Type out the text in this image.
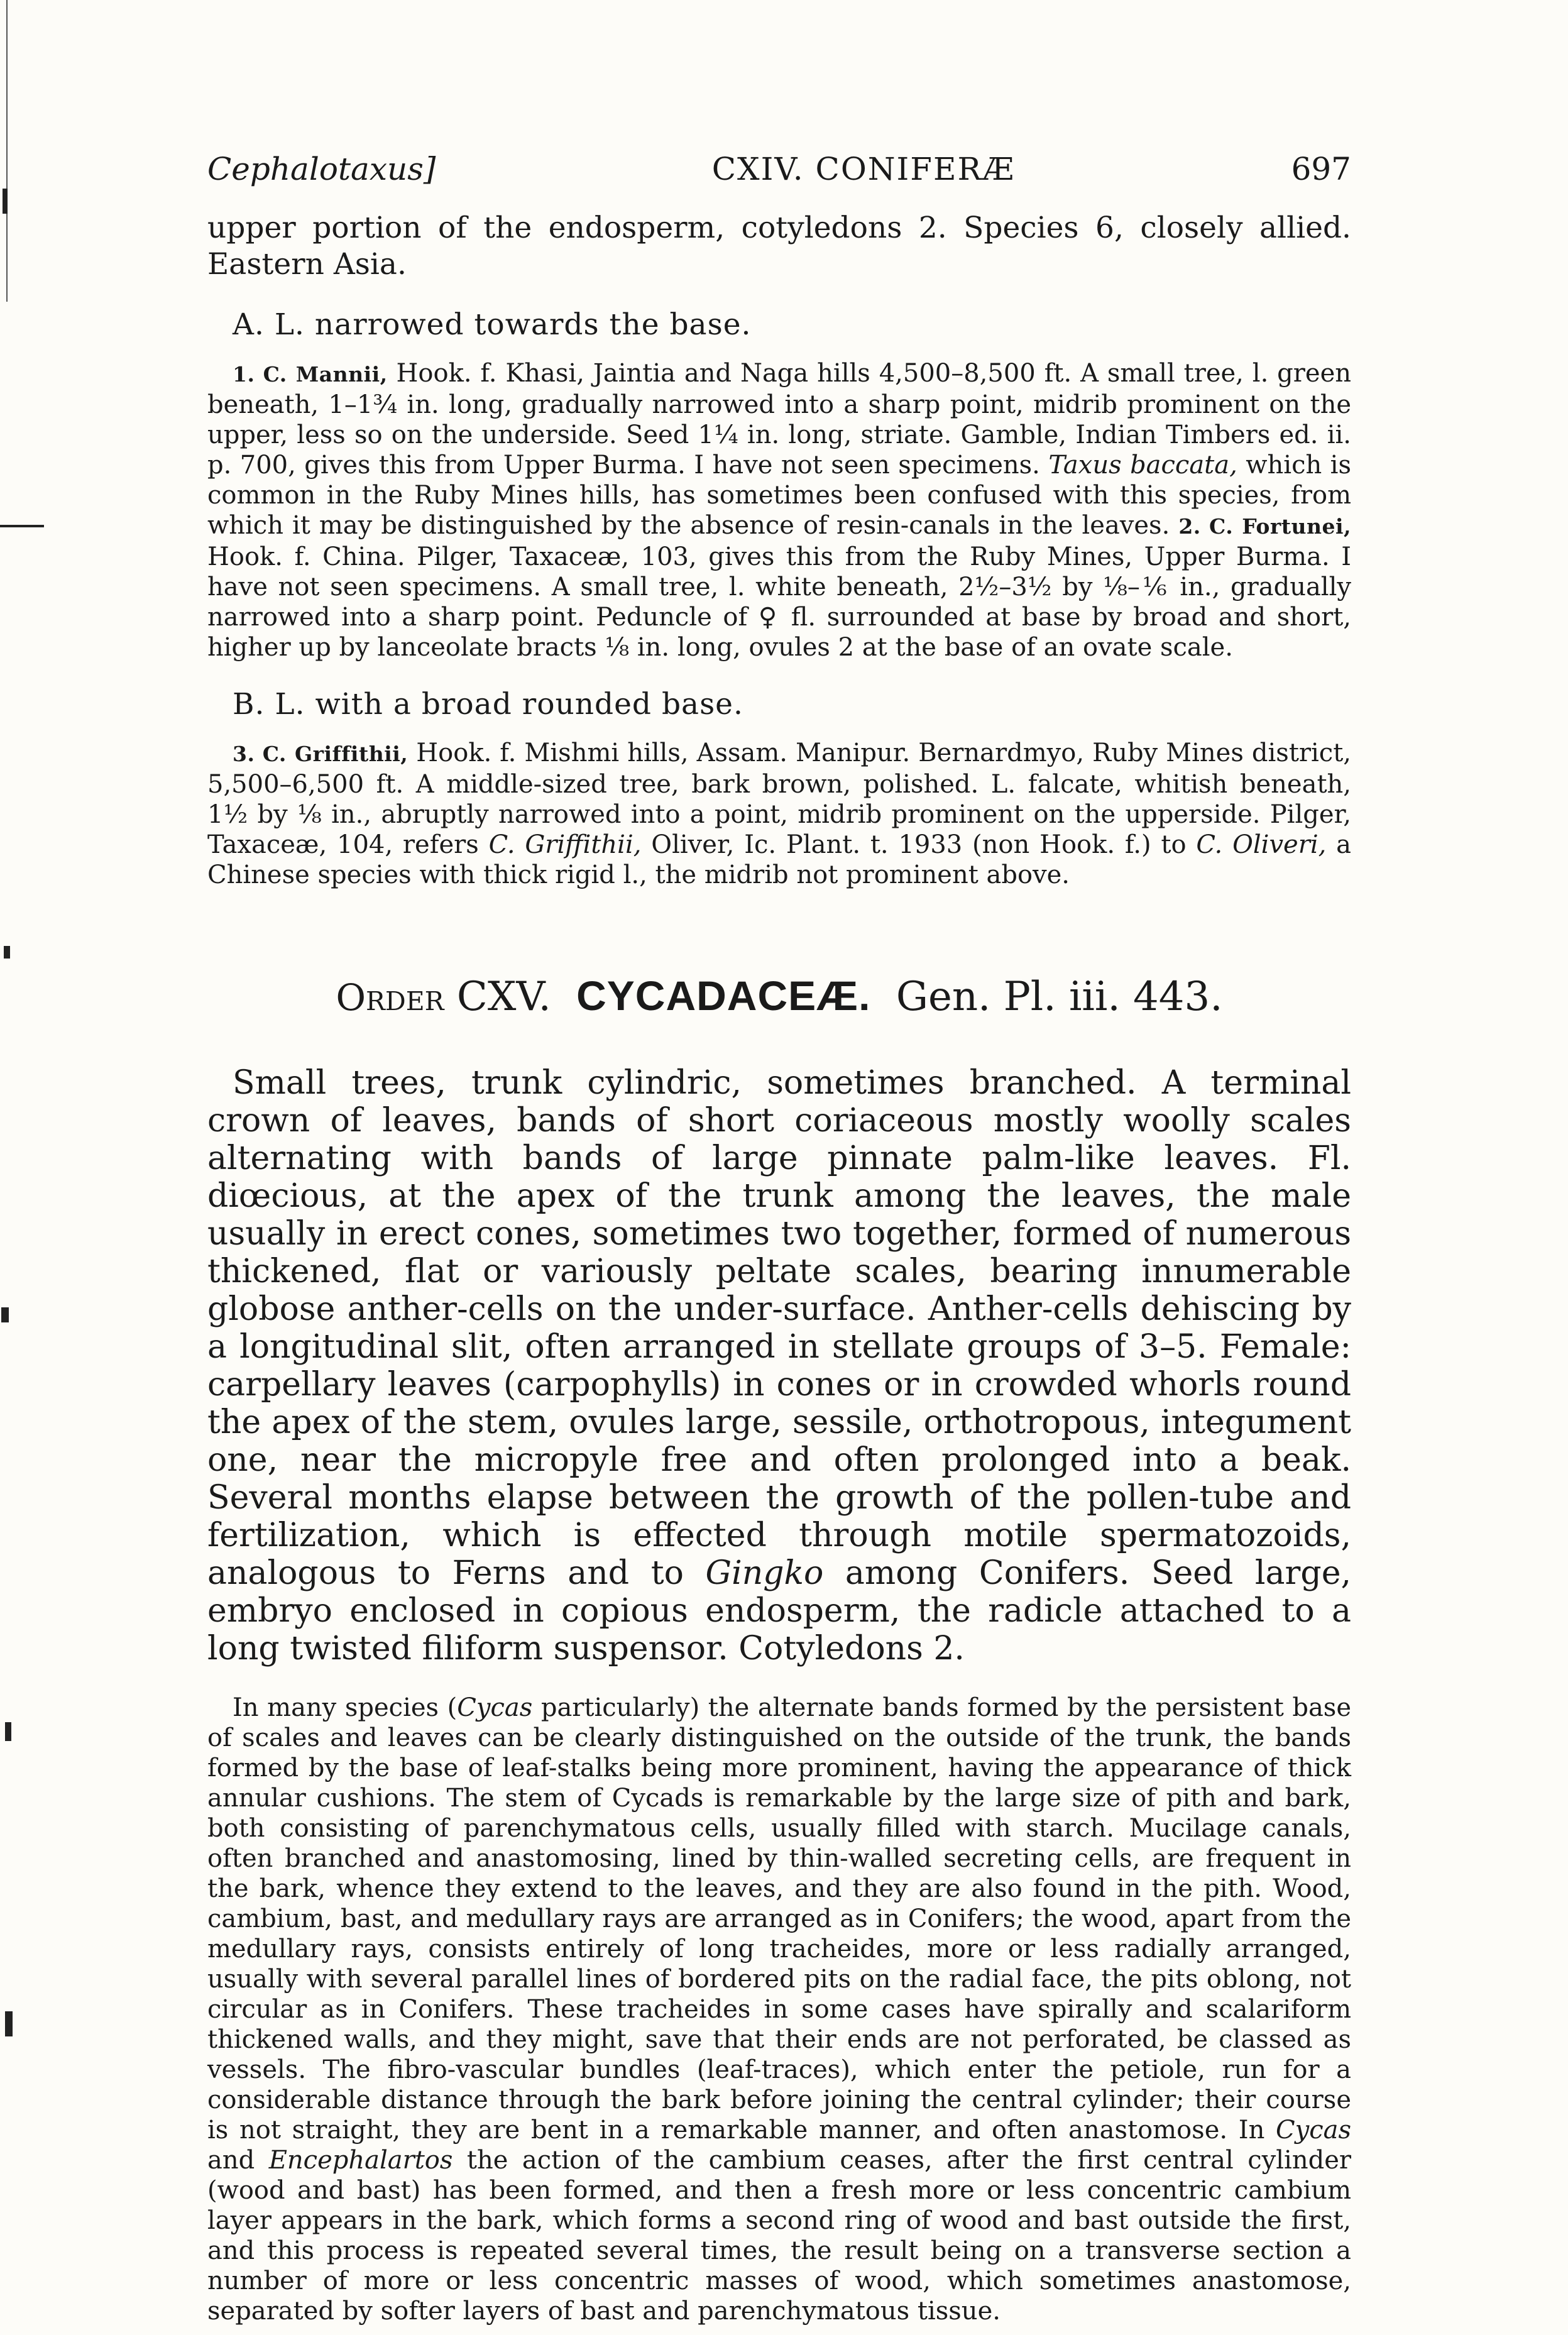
Cephalotaxus]	CXIV. CONIFERÆ	697

upper portion of the endosperm, cotyledons 2. Species 6, closely allied. Eastern Asia.

A. L. narrowed towards the base.

1. C. Mannii, Hook. f. Khasi, Jaintia and Naga hills 4,500–8,500 ft. A small tree, l. green beneath, 1–1¾ in. long, gradually narrowed into a sharp point, midrib prominent on the upper, less so on the underside. Seed 1¼ in. long, striate. Gamble, Indian Timbers ed. ii. p. 700, gives this from Upper Burma. I have not seen specimens. Taxus baccata, which is common in the Ruby Mines hills, has sometimes been confused with this species, from which it may be distinguished by the absence of resin-canals in the leaves. 2. C. Fortunei, Hook. f. China. Pilger, Taxaceæ, 103, gives this from the Ruby Mines, Upper Burma. I have not seen specimens. A small tree, l. white beneath, 2½–3½ by ⅛–⅙ in., gradually narrowed into a sharp point. Peduncle of ♀ fl. surrounded at base by broad and short, higher up by lanceolate bracts ⅛ in. long, ovules 2 at the base of an ovate scale.

B. L. with a broad rounded base.

3. C. Griffithii, Hook. f. Mishmi hills, Assam. Manipur. Bernardmyo, Ruby Mines district, 5,500–6,500 ft. A middle-sized tree, bark brown, polished. L. falcate, whitish beneath, 1½ by ⅛ in., abruptly narrowed into a point, midrib prominent on the upperside. Pilger, Taxaceæ, 104, refers C. Griffithii, Oliver, Ic. Plant. t. 1933 (non Hook. f.) to C. Oliveri, a Chinese species with thick rigid l., the midrib not prominent above.

Order CXV. CYCADACEÆ. Gen. Pl. iii. 443.

Small trees, trunk cylindric, sometimes branched. A terminal crown of leaves, bands of short coriaceous mostly woolly scales alternating with bands of large pinnate palm-like leaves. Fl. diœcious, at the apex of the trunk among the leaves, the male usually in erect cones, sometimes two together, formed of numerous thickened, flat or variously peltate scales, bearing innumerable globose anther-cells on the under-surface. Anther-cells dehiscing by a longitudinal slit, often arranged in stellate groups of 3–5. Female: carpellary leaves (carpophylls) in cones or in crowded whorls round the apex of the stem, ovules large, sessile, orthotropous, integument one, near the micropyle free and often prolonged into a beak. Several months elapse between the growth of the pollen-tube and fertilization, which is effected through motile spermatozoids, analogous to Ferns and to Gingko among Conifers. Seed large, embryo enclosed in copious endosperm, the radicle attached to a long twisted filiform suspensor. Cotyledons 2.

In many species (Cycas particularly) the alternate bands formed by the persistent base of scales and leaves can be clearly distinguished on the outside of the trunk, the bands formed by the base of leaf-stalks being more prominent, having the appearance of thick annular cushions. The stem of Cycads is remarkable by the large size of pith and bark, both consisting of parenchymatous cells, usually filled with starch. Mucilage canals, often branched and anastomosing, lined by thin-walled secreting cells, are frequent in the bark, whence they extend to the leaves, and they are also found in the pith. Wood, cambium, bast, and medullary rays are arranged as in Conifers; the wood, apart from the medullary rays, consists entirely of long tracheides, more or less radially arranged, usually with several parallel lines of bordered pits on the radial face, the pits oblong, not circular as in Conifers. These tracheides in some cases have spirally and scalariform thickened walls, and they might, save that their ends are not perforated, be classed as vessels. The fibro-vascular bundles (leaf-traces), which enter the petiole, run for a considerable distance through the bark before joining the central cylinder; their course is not straight, they are bent in a remarkable manner, and often anastomose. In Cycas and Encephalartos the action of the cambium ceases, after the first central cylinder (wood and bast) has been formed, and then a fresh more or less concentric cambium layer appears in the bark, which forms a second ring of wood and bast outside the first, and this process is repeated several times, the result being on a transverse section a number of more or less concentric masses of wood, which sometimes anastomose, separated by softer layers of bast and parenchymatous tissue.
